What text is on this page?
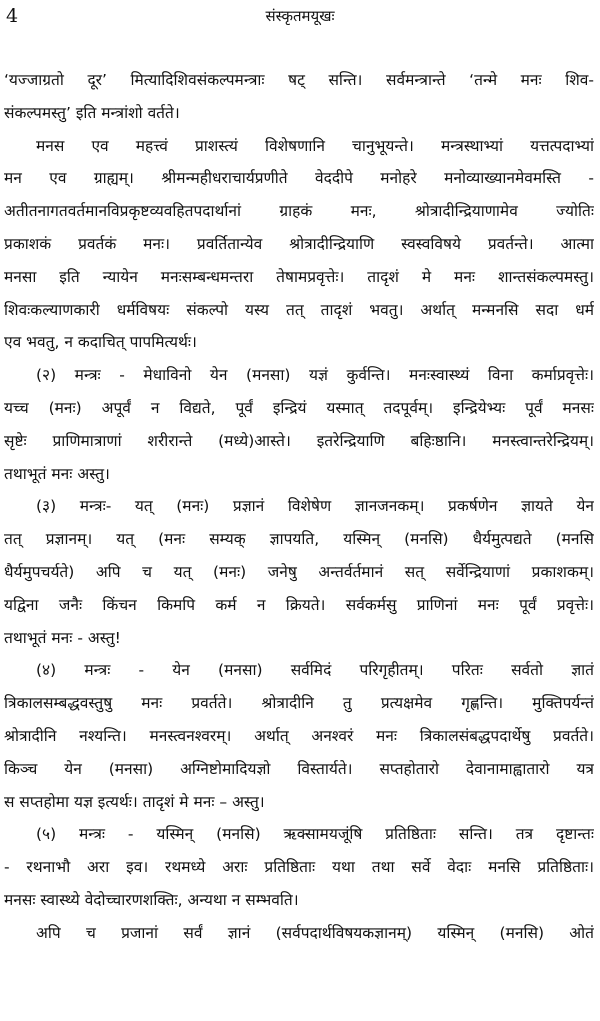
4	संस्कृतमयूखः
‘यज्जाग्रतो दूर’ मित्यादिशिवसंकल्पमन्त्राः षट् सन्ति। सर्वमन्त्रान्ते ‘तन्मे मनः शिव-
संकल्पमस्तु’ इति मन्त्रांशो वर्तते।
मनस एव महत्त्वं प्राशस्त्यं विशेषणानि चानुभूयन्ते। मन्त्रस्थाभ्यां यत्तत्पदाभ्यां
मन एव ग्राह्यम्। श्रीमन्महीधराचार्यप्रणीते वेददीपे मनोहरे मनोव्याख्यानमेवमस्ति -
अतीतनागतवर्तमानविप्रकृष्टव्यवहितपदार्थानां ग्राहकं मनः, श्रोत्रादीन्द्रियाणामेव ज्योतिः
प्रकाशकं प्रवर्तकं मनः। प्रवर्तितान्येव श्रोत्रादीन्द्रियाणि स्वस्वविषये प्रवर्तन्ते। आत्मा
मनसा इति न्यायेन मनःसम्बन्धमन्तरा तेषामप्रवृत्तेः। तादृशं मे मनः शान्तसंकल्पमस्तु।
शिवःकल्याणकारी धर्मविषयः संकल्पो यस्य तत् तादृशं भवतु। अर्थात् मन्मनसि सदा धर्म
एव भवतु, न कदाचित् पापमित्यर्थः।
(२) मन्त्रः - मेधाविनो येन (मनसा) यज्ञं कुर्वन्ति। मनःस्वास्थ्यं विना कर्माप्रवृत्तेः।
यच्च (मनः) अपूर्वं न विद्यते, पूर्वं इन्द्रियं यस्मात् तदपूर्वम्। इन्द्रियेभ्यः पूर्वं मनसः
सृष्टेः प्राणिमात्राणां शरीरान्ते (मध्ये)आस्ते। इतरेन्द्रियाणि बहिःष्ठानि। मनस्त्वान्तरेन्द्रियम्।
तथाभूतं मनः अस्तु।
(३) मन्त्रः- यत् (मनः) प्रज्ञानं विशेषेण ज्ञानजनकम्। प्रकर्षणेन ज्ञायते येन
तत् प्रज्ञानम्। यत् (मनः सम्यक् ज्ञापयति, यस्मिन् (मनसि) धैर्यमुत्पद्यते (मनसि
धैर्यमुपचर्यते) अपि च यत् (मनः) जनेषु अन्तर्वर्तमानं सत् सर्वेन्द्रियाणां प्रकाशकम्।
यद्विना जनैः किंचन किमपि कर्म न क्रियते। सर्वकर्मसु प्राणिनां मनः पूर्वं प्रवृत्तेः।
तथाभूतं मनः - अस्तु!
(४) मन्त्रः - येन (मनसा) सर्वमिदं परिगृहीतम्। परितः सर्वतो ज्ञातं
त्रिकालसम्बद्धवस्तुषु मनः प्रवर्तते। श्रोत्रादीनि तु प्रत्यक्षमेव गृह्णन्ति। मुक्तिपर्यन्तं
श्रोत्रादीनि नश्यन्ति। मनस्त्वनश्वरम्। अर्थात् अनश्वरं मनः त्रिकालसंबद्धपदार्थेषु प्रवर्तते।
किञ्च येन (मनसा) अग्निष्टोमादियज्ञो विस्तार्यते। सप्तहोतारो देवानामाह्वातारो यत्र
स सप्तहोमा यज्ञ इत्यर्थः। तादृशं मे मनः – अस्तु।
(५) मन्त्रः - यस्मिन् (मनसि) ऋक्सामयजूंषि प्रतिष्ठिताः सन्ति। तत्र दृष्टान्तः
- रथनाभौ अरा इव। रथमध्ये अराः प्रतिष्ठिताः यथा तथा सर्वे वेदाः मनसि प्रतिष्ठिताः।
मनसः स्वास्थ्ये वेदोच्चारणशक्तिः, अन्यथा न सम्भवति।
अपि च प्रजानां सर्वं ज्ञानं (सर्वपदार्थविषयकज्ञानम्) यस्मिन् (मनसि) ओतं
